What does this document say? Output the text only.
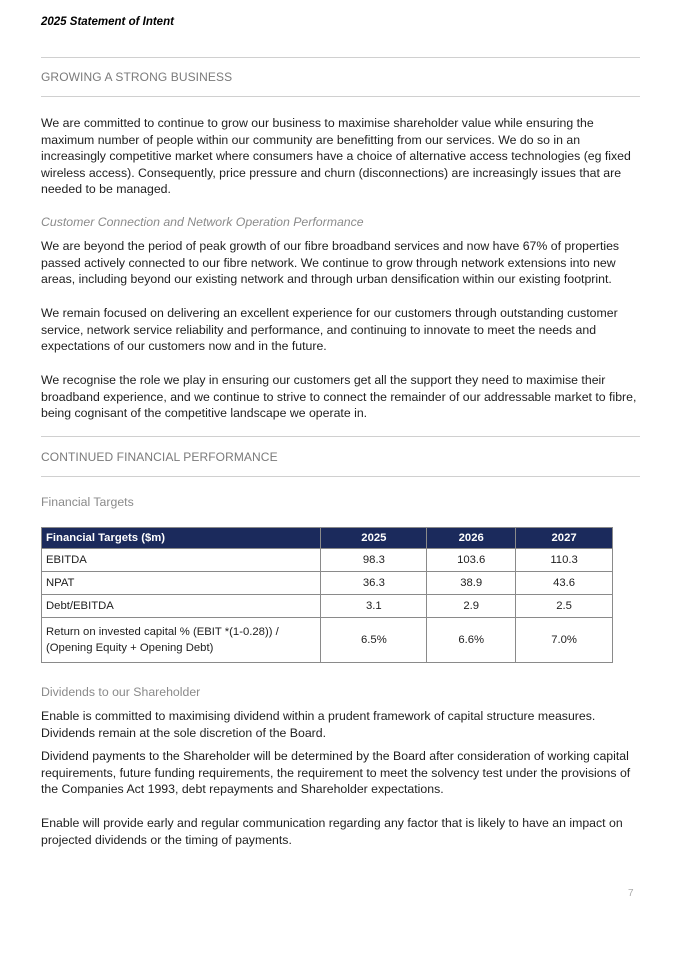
2025 Statement of Intent
GROWING A STRONG BUSINESS

We are committed to continue to grow our business to maximise shareholder value while ensuring the maximum number of people within our community are benefitting from our services. We do so in an increasingly competitive market where consumers have a choice of alternative access technologies (eg fixed wireless access). Consequently, price pressure and churn (disconnections) are increasingly issues that are needed to be managed.

Customer Connection and Network Operation Performance

We are beyond the period of peak growth of our fibre broadband services and now have 67% of properties passed actively connected to our fibre network. We continue to grow through network extensions into new areas, including beyond our existing network and through urban densification within our existing footprint.

We remain focused on delivering an excellent experience for our customers through outstanding customer service, network service reliability and performance, and continuing to innovate to meet the needs and expectations of our customers now and in the future.

We recognise the role we play in ensuring our customers get all the support they need to maximise their broadband experience, and we continue to strive to connect the remainder of our addressable market to fibre, being cognisant of the competitive landscape we operate in.

CONTINUED FINANCIAL PERFORMANCE
Financial Targets
Financial Targets ($m)	2025	2026	2027
EBITDA	98.3	103.6	110.3
NPAT	36.3	38.9	43.6
Debt/EBITDA	3.1	2.9	2.5

Return on invested capital % (EBIT *(1-0.28)) /
(Opening Equity + Opening Debt)	6.5%	6.6%	7.0%
Dividends to our Shareholder

Enable is committed to maximising dividend within a prudent framework of capital structure measures. Dividends remain at the sole discretion of the Board.

Dividend payments to the Shareholder will be determined by the Board after consideration of working capital requirements, future funding requirements, the requirement to meet the solvency test under the provisions of the Companies Act 1993, debt repayments and Shareholder expectations.

Enable will provide early and regular communication regarding any factor that is likely to have an impact on projected dividends or the timing of payments.

7
